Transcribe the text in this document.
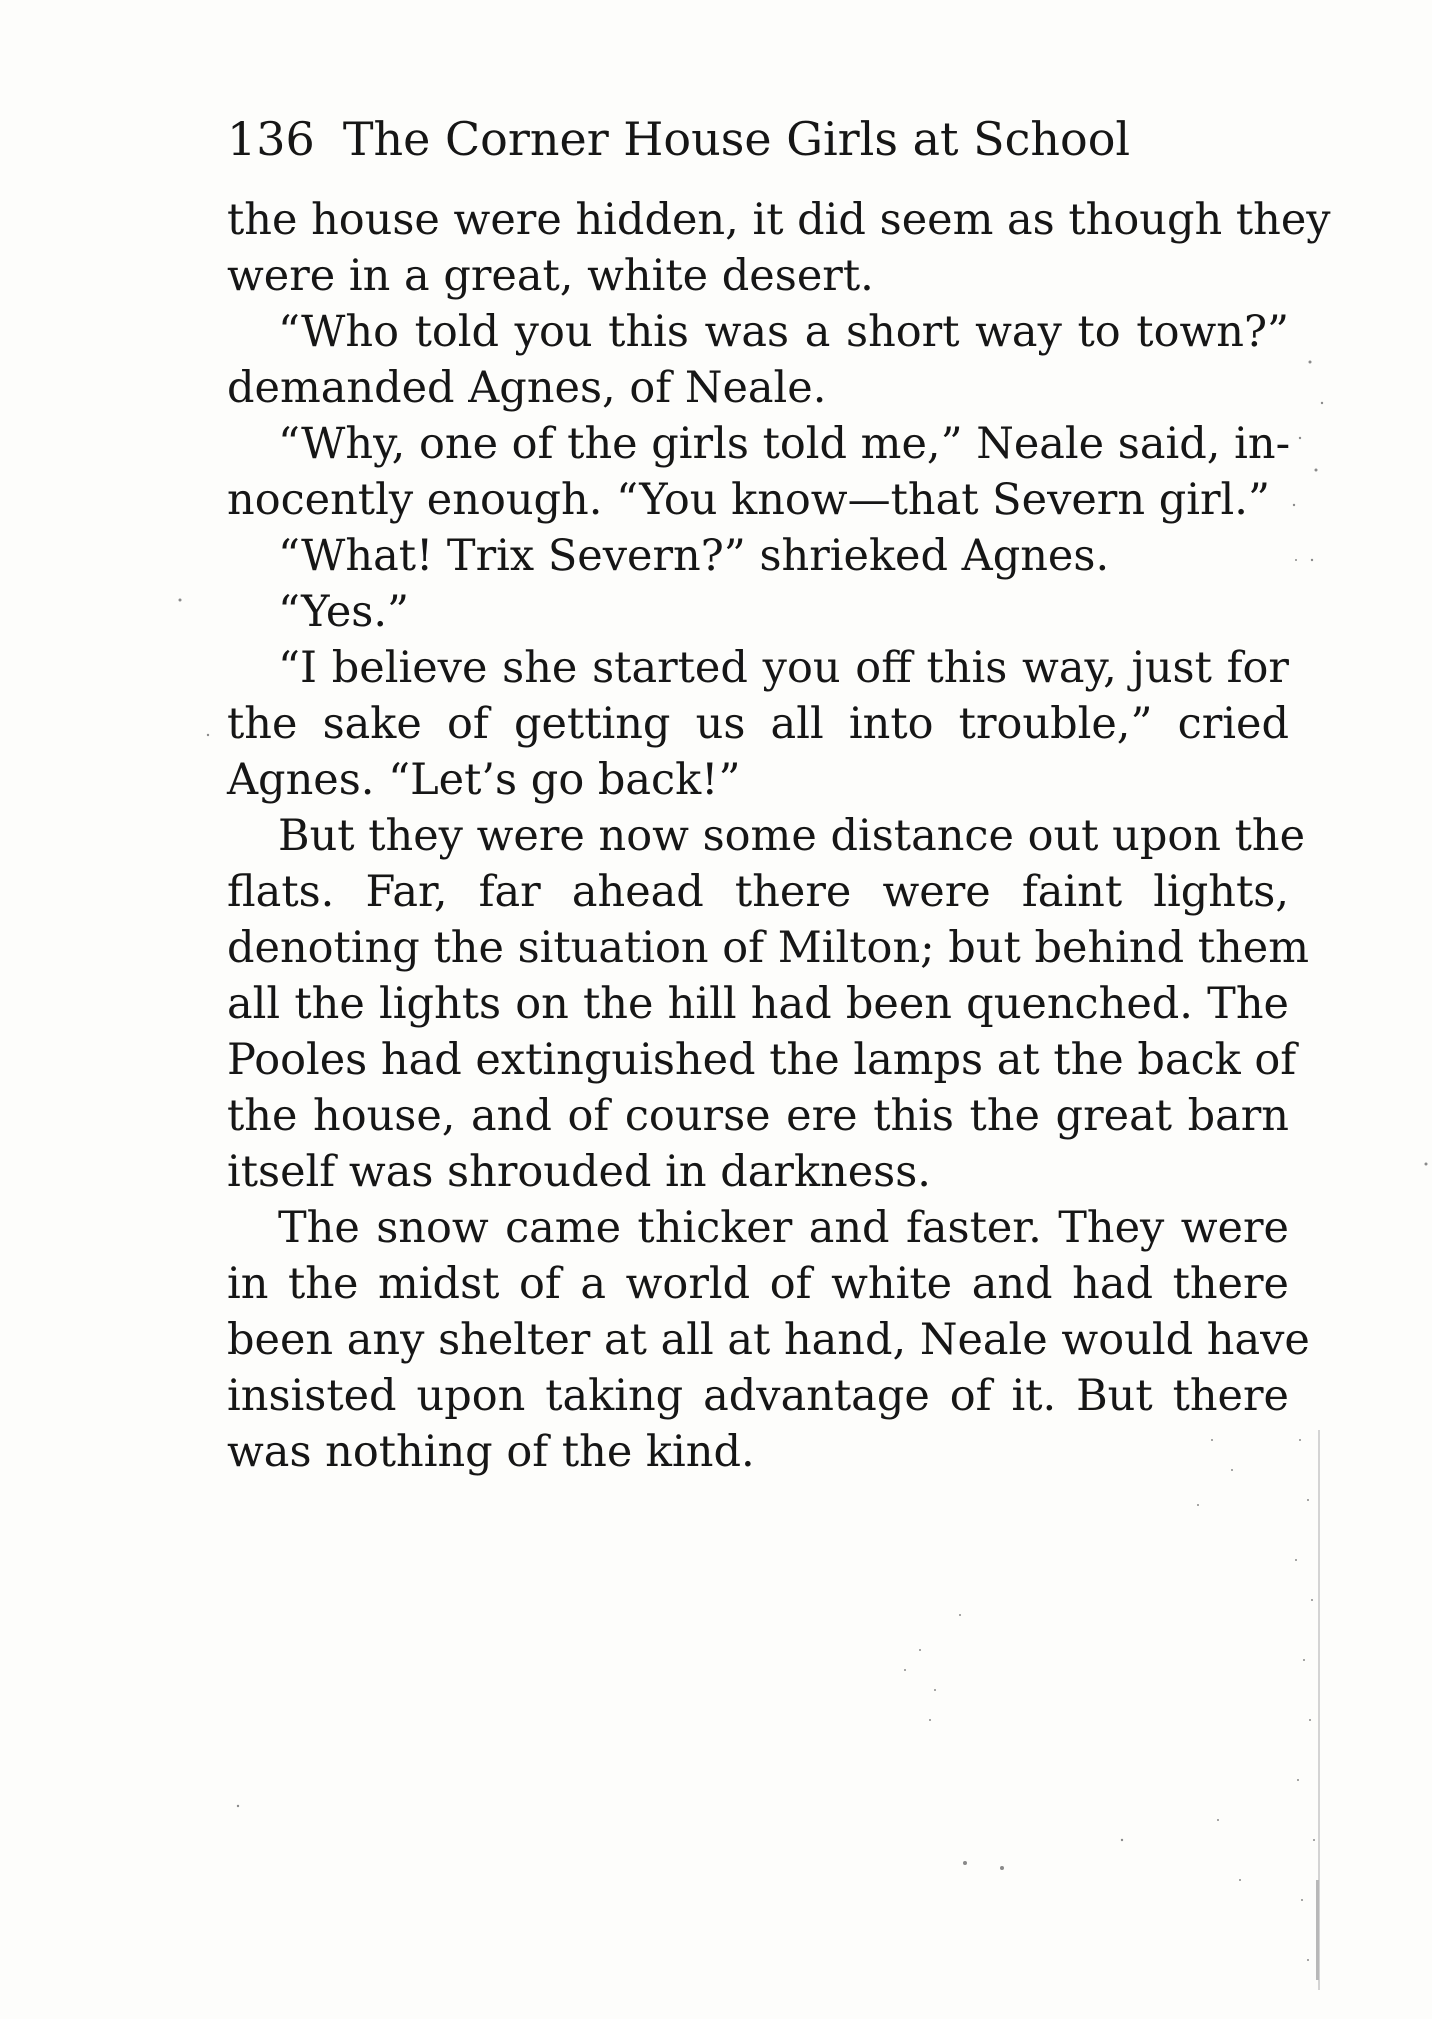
136 The Corner House Girls at School
the house were hidden, it did seem as though they
were in a great, white desert.
“Who told you this was a short way to town?”
demanded Agnes, of Neale.
“Why, one of the girls told me,” Neale said, in-
nocently enough. “You know—that Severn girl.”
“What! Trix Severn?” shrieked Agnes.
“Yes.”
“I believe she started you off this way, just for
the sake of getting us all into trouble,” cried
Agnes. “Let’s go back!”
But they were now some distance out upon the
flats. Far, far ahead there were faint lights,
denoting the situation of Milton; but behind them
all the lights on the hill had been quenched. The
Pooles had extinguished the lamps at the back of
the house, and of course ere this the great barn
itself was shrouded in darkness.
The snow came thicker and faster. They were
in the midst of a world of white and had there
been any shelter at all at hand, Neale would have
insisted upon taking advantage of it. But there
was nothing of the kind.
